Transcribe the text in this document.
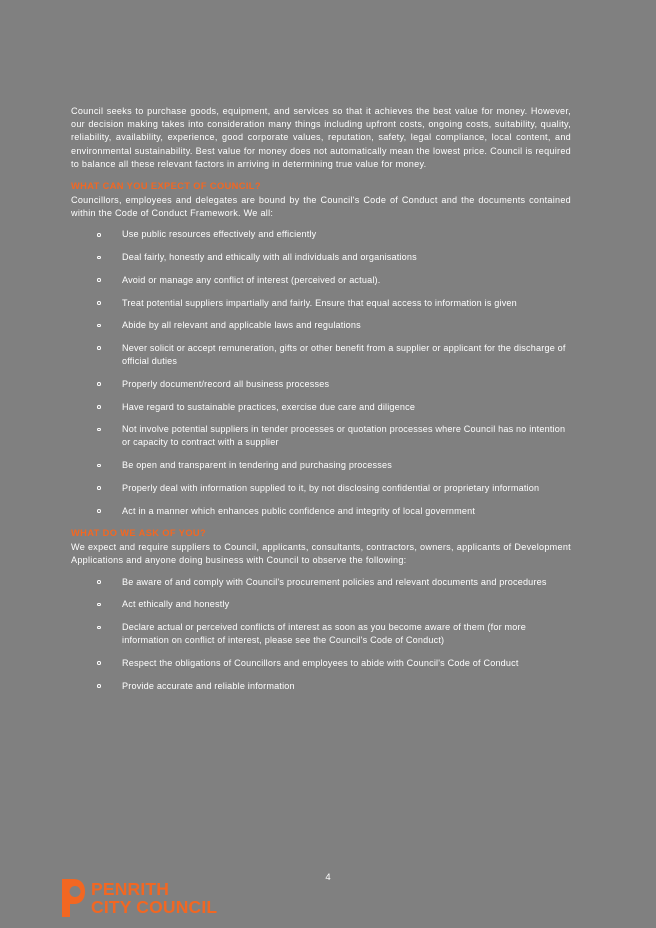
Council seeks to purchase goods, equipment, and services so that it achieves the best value for money. However, our decision making takes into consideration many things including upfront costs, ongoing costs, suitability, quality, reliability, availability, experience, good corporate values, reputation, safety, legal compliance, local content, and environmental sustainability. Best value for money does not automatically mean the lowest price. Council is required to balance all these relevant factors in arriving in determining true value for money.

WHAT CAN YOU EXPECT OF COUNCIL?

Councillors, employees and delegates are bound by the Council's Code of Conduct and the documents contained within the Code of Conduct Framework. We all:

Use public resources effectively and efficiently
Deal fairly, honestly and ethically with all individuals and organisations
Avoid or manage any conflict of interest (perceived or actual).
Treat potential suppliers impartially and fairly. Ensure that equal access to information is given
Abide by all relevant and applicable laws and regulations
Never solicit or accept remuneration, gifts or other benefit from a supplier or applicant for the discharge of official duties
Properly document/record all business processes
Have regard to sustainable practices, exercise due care and diligence
Not involve potential suppliers in tender processes or quotation processes where Council has no intention or capacity to contract with a supplier
Be open and transparent in tendering and purchasing processes
Properly deal with information supplied to it, by not disclosing confidential or proprietary information
Act in a manner which enhances public confidence and integrity of local government
WHAT DO WE ASK OF YOU?

We expect and require suppliers to Council, applicants, consultants, contractors, owners, applicants of Development Applications and anyone doing business with Council to observe the following:

Be aware of and comply with Council's procurement policies and relevant documents and procedures
Act ethically and honestly
Declare actual or perceived conflicts of interest as soon as you become aware of them (for more information on conflict of interest, please see the Council's Code of Conduct)
Respect the obligations of Councillors and employees to abide with Council's Code of Conduct
Provide accurate and reliable information
4
PENRITH
CITY COUNCIL
